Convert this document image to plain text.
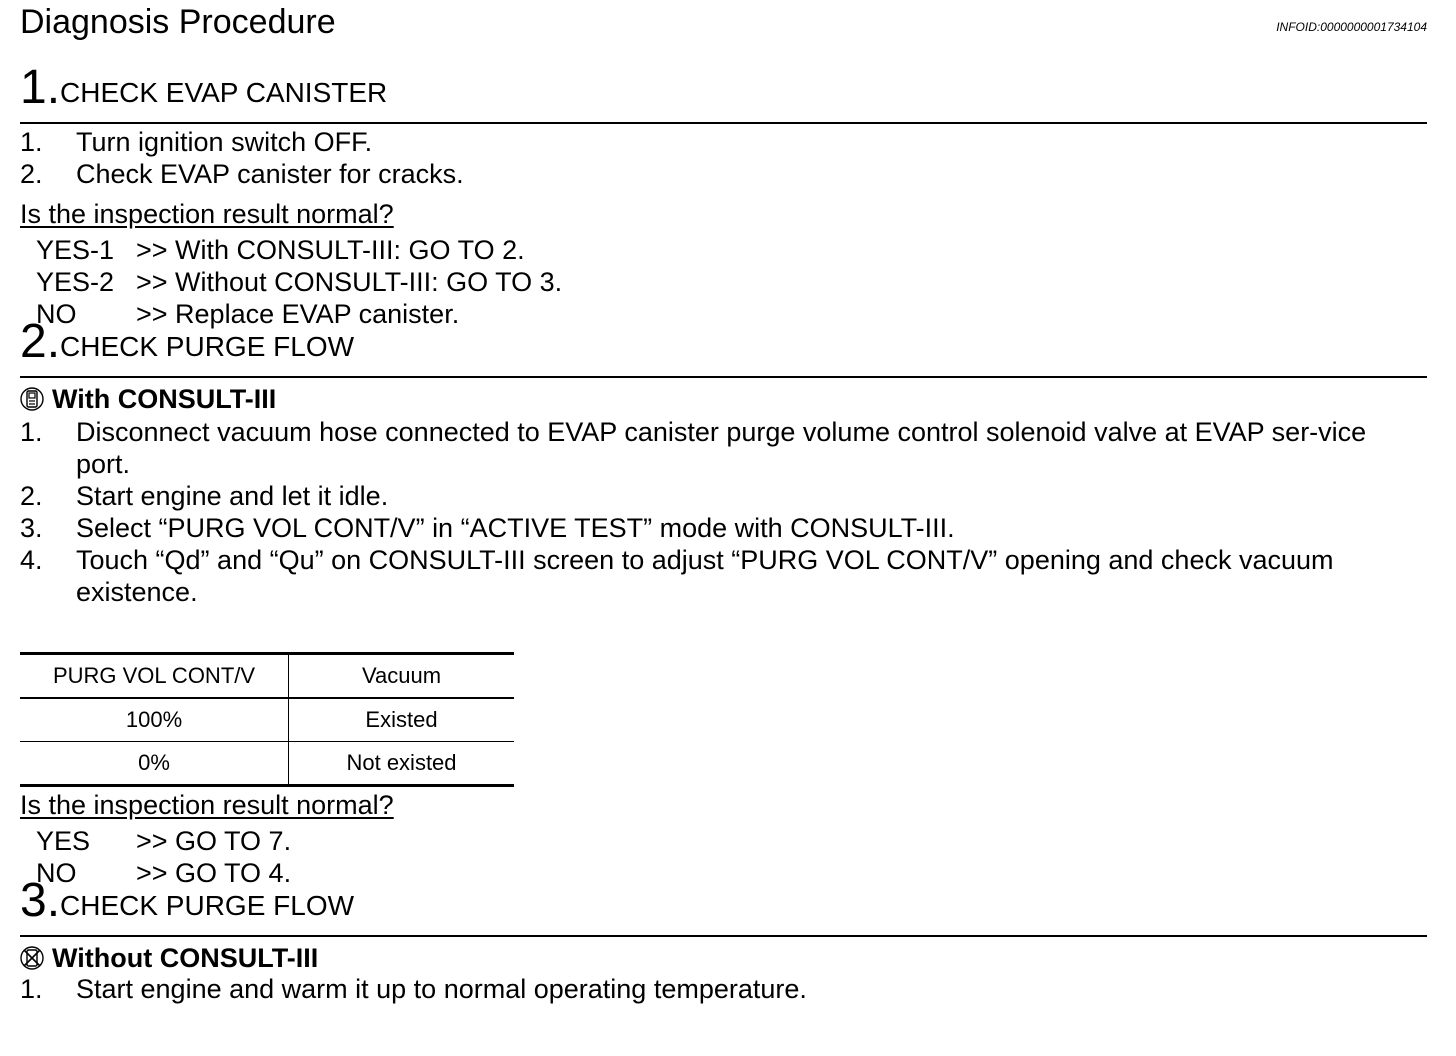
Diagnosis Procedure	INFOID:0000000001734104
1. CHECK EVAP CANISTER
1. Turn ignition switch OFF.
2. Check EVAP canister for cracks.
Is the inspection result normal?
YES-1 >> With CONSULT-III: GO TO 2.
YES-2 >> Without CONSULT-III: GO TO 3.
NO	>> Replace EVAP canister.
2. CHECK PURGE FLOW
With CONSULT-III
1. Disconnect vacuum hose connected to EVAP canister purge volume control solenoid valve at EVAP ser-vice port.
2. Start engine and let it idle.
3. Select “PURG VOL CONT/V” in “ACTIVE TEST” mode with CONSULT-III.
4. Touch “Qd” and “Qu” on CONSULT-III screen to adjust “PURG VOL CONT/V” opening and check vacuum existence.
PURG VOL CONT/V	Vacuum
100%	Existed
0%	Not existed
Is the inspection result normal?
YES	>> GO TO 7.
NO	>> GO TO 4.
3. CHECK PURGE FLOW
Without CONSULT-III
1. Start engine and warm it up to normal operating temperature.
